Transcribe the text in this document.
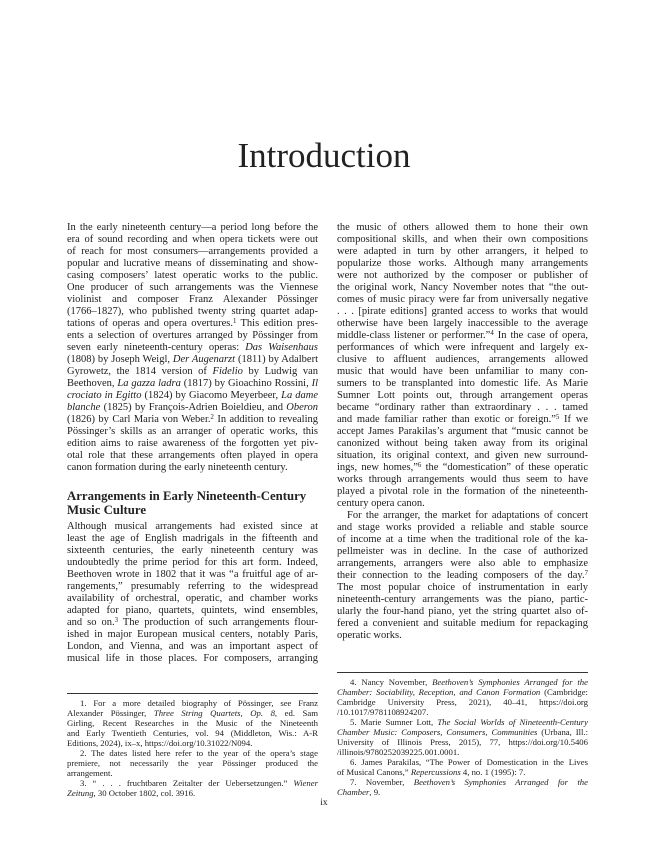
Introduction
In the early nineteenth century—a period long before the
era of sound recording and when opera tickets were out
of reach for most consumers—arrangements provided a
popular and lucrative means of disseminating and show-
casing composers’ latest operatic works to the public.
One producer of such arrangements was the Viennese
violinist and composer Franz Alexander Pössinger
(1766–1827), who published twenty string quartet adap-
tations of operas and opera overtures.$^1$ This edition pres-
ents a selection of overtures arranged by Pössinger from
seven early nineteenth-century operas: Das Waisenhaus
(1808) by Joseph Weigl, Der Augenarzt (1811) by Adalbert
Gyrowetz, the 1814 version of Fidelio by Ludwig van
Beethoven, La gazza ladra (1817) by Gioachino Rossini, Il
crociato in Egitto (1824) by Giacomo Meyerbeer, La dame
blanche (1825) by François-Adrien Boieldieu, and Oberon
(1826) by Carl Maria von Weber.$^2$ In addition to revealing
Pössinger’s skills as an arranger of operatic works, this
edition aims to raise awareness of the forgotten yet piv-
otal role that these arrangements often played in opera
canon formation during the early nineteenth century.
Arrangements in Early Nineteenth-Century
Music Culture
Although musical arrangements had existed since at
least the age of English madrigals in the fifteenth and
sixteenth centuries, the early nineteenth century was
undoubtedly the prime period for this art form. Indeed,
Beethoven wrote in 1802 that it was “a fruitful age of ar-
rangements,” presumably referring to the widespread
availability of orchestral, operatic, and chamber works
adapted for piano, quartets, quintets, wind ensembles,
and so on.$^3$ The production of such arrangements flour-
ished in major European musical centers, notably Paris,
London, and Vienna, and was an important aspect of
musical life in those places. For composers, arranging
the music of others allowed them to hone their own
compositional skills, and when their own compositions
were adapted in turn by other arrangers, it helped to
popularize those works. Although many arrangements
were not authorized by the composer or publisher of
the original work, Nancy November notes that “the out-
comes of music piracy were far from universally negative
. . . [pirate editions] granted access to works that would
otherwise have been largely inaccessible to the average
middle-class listener or performer.”$^4$ In the case of opera,
performances of which were infrequent and largely ex-
clusive to affluent audiences, arrangements allowed
music that would have been unfamiliar to many con-
sumers to be transplanted into domestic life. As Marie
Sumner Lott points out, through arrangement operas
became “ordinary rather than extraordinary . . . tamed
and made familiar rather than exotic or foreign.”$^5$ If we
accept James Parakilas’s argument that “music cannot be
canonized without being taken away from its original
situation, its original context, and given new surround-
ings, new homes,”$^6$ the “domestication” of these operatic
works through arrangements would thus seem to have
played a pivotal role in the formation of the nineteenth-
century opera canon.
For the arranger, the market for adaptations of concert
and stage works provided a reliable and stable source
of income at a time when the traditional role of the ka-
pellmeister was in decline. In the case of authorized
arrangements, arrangers were also able to emphasize
their connection to the leading composers of the day.$^7$
The most popular choice of instrumentation in early
nineteenth-century arrangements was the piano, partic-
ularly the four-hand piano, yet the string quartet also of-
fered a convenient and suitable medium for repackaging
operatic works.
1. For a more detailed biography of Pössinger, see Franz
Alexander Pössinger, Three String Quartets, Op. 8, ed. Sam
Girling, Recent Researches in the Music of the Nineteenth
and Early Twentieth Centuries, vol. 94 (Middleton, Wis.: A-R
Editions, 2024), ix–x, https://doi.org/10.31022/N094.
2. The dates listed here refer to the year of the opera’s stage
premiere, not necessarily the year Pössinger produced the
arrangement.
3. “ . . . fruchtbaren Zeitalter der Uebersetzungen.” Wiener
Zeitung, 30 October 1802, col. 3916.
4. Nancy November, Beethoven’s Symphonies Arranged for the
Chamber: Sociability, Reception, and Canon Formation (Cambridge:
Cambridge University Press, 2021), 40–41, https://doi.org
/10.1017/9781108924207.
5. Marie Sumner Lott, The Social Worlds of Nineteenth-Century
Chamber Music: Composers, Consumers, Communities (Urbana, Ill.:
University of Illinois Press, 2015), 77, https://doi.org/10.5406
/illinois/9780252039225.001.0001.
6. James Parakilas, “The Power of Domestication in the Lives
of Musical Canons,” Repercussions 4, no. 1 (1995): 7.
7. November, Beethoven’s Symphonies Arranged for the
Chamber, 9.
ix
